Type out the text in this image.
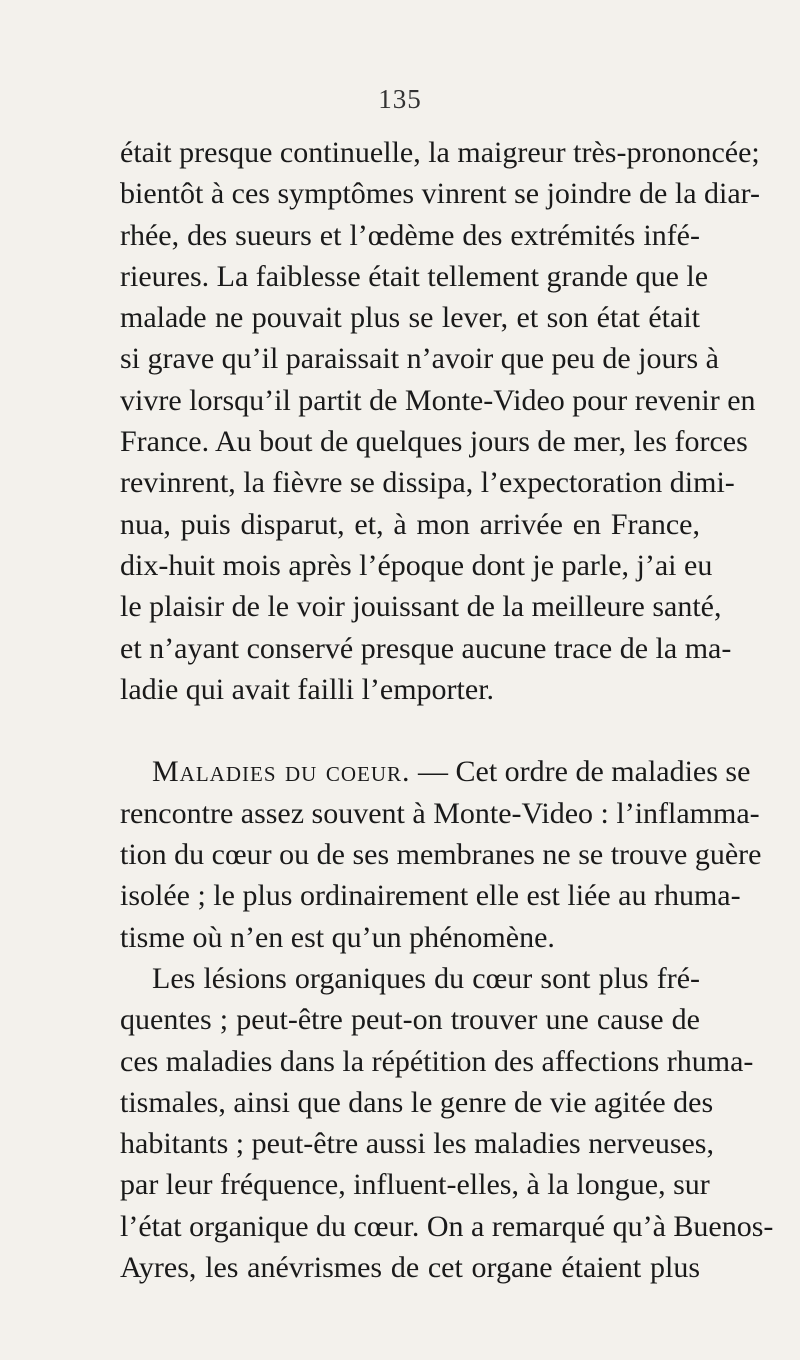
135
était presque continuelle, la maigreur très-prononcée;
bientôt à ces symptômes vinrent se joindre de la diar-
rhée, des sueurs et l’œdème des extrémités infé-
rieures. La faiblesse était tellement grande que le
malade ne pouvait plus se lever, et son état était
si grave qu’il paraissait n’avoir que peu de jours à
vivre lorsqu’il partit de Monte-Video pour revenir en
France. Au bout de quelques jours de mer, les forces
revinrent, la fièvre se dissipa, l’expectoration dimi-
nua, puis disparut, et, à mon arrivée en France,
dix-huit mois après l’époque dont je parle, j’ai eu
le plaisir de le voir jouissant de la meilleure santé,
et n’ayant conservé presque aucune trace de la ma-
ladie qui avait failli l’emporter.
Maladies du coeur. — Cet ordre de maladies se
rencontre assez souvent à Monte-Video : l’inflamma-
tion du cœur ou de ses membranes ne se trouve guère
isolée ; le plus ordinairement elle est liée au rhuma-
tisme où n’en est qu’un phénomène.
Les lésions organiques du cœur sont plus fré-
quentes ; peut-être peut-on trouver une cause de
ces maladies dans la répétition des affections rhuma-
tismales, ainsi que dans le genre de vie agitée des
habitants ; peut-être aussi les maladies nerveuses,
par leur fréquence, influent-elles, à la longue, sur
l’état organique du cœur. On a remarqué qu’à Buenos-
Ayres, les anévrismes de cet organe étaient plus
